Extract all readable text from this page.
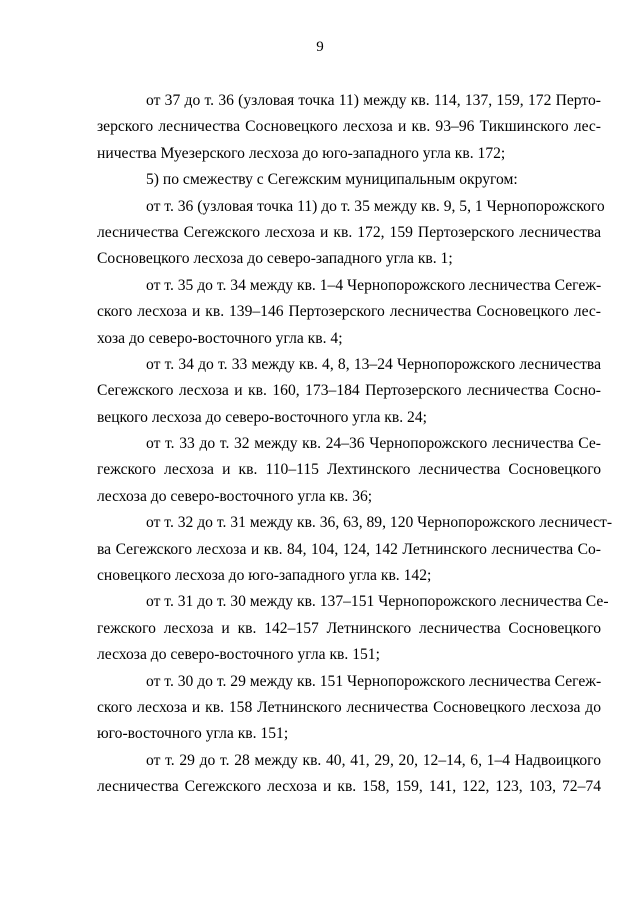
9
от 37 до т. 36 (узловая точка 11) между кв. 114, 137, 159, 172 Перто-
зерского лесничества Сосновецкого лесхоза и кв. 93–96 Тикшинского лес-
ничества Муезерского лесхоза до юго-западного угла кв. 172;
5) по смежеству с Сегежским муниципальным округом:
от т. 36 (узловая точка 11) до т. 35 между кв. 9, 5, 1 Чернопорожского
лесничества Сегежского лесхоза и кв. 172, 159 Пертозерского лесничества
Сосновецкого лесхоза до северо-западного угла кв. 1;
от т. 35 до т. 34 между кв. 1–4 Чернопорожского лесничества Сегеж-
ского лесхоза и кв. 139–146 Пертозерского лесничества Сосновецкого лес-
хоза до северо-восточного угла кв. 4;
от т. 34 до т. 33 между кв. 4, 8, 13–24 Чернопорожского лесничества
Сегежского лесхоза и кв. 160, 173–184 Пертозерского лесничества Сосно-
вецкого лесхоза до северо-восточного угла кв. 24;
от т. 33 до т. 32 между кв. 24–36 Чернопорожского лесничества Се-
гежского лесхоза и кв. 110–115 Лехтинского лесничества Сосновецкого
лесхоза до северо-восточного угла кв. 36;
от т. 32 до т. 31 между кв. 36, 63, 89, 120 Чернопорожского лесничест-
ва Сегежского лесхоза и кв. 84, 104, 124, 142 Летнинского лесничества Со-
сновецкого лесхоза до юго-западного угла кв. 142;
от т. 31 до т. 30 между кв. 137–151 Чернопорожского лесничества Се-
гежского лесхоза и кв. 142–157 Летнинского лесничества Сосновецкого
лесхоза до северо-восточного угла кв. 151;
от т. 30 до т. 29 между кв. 151 Чернопорожского лесничества Сегеж-
ского лесхоза и кв. 158 Летнинского лесничества Сосновецкого лесхоза до
юго-восточного угла кв. 151;
от т. 29 до т. 28 между кв. 40, 41, 29, 20, 12–14, 6, 1–4 Надвоицкого
лесничества Сегежского лесхоза и кв. 158, 159, 141, 122, 123, 103, 72–74
